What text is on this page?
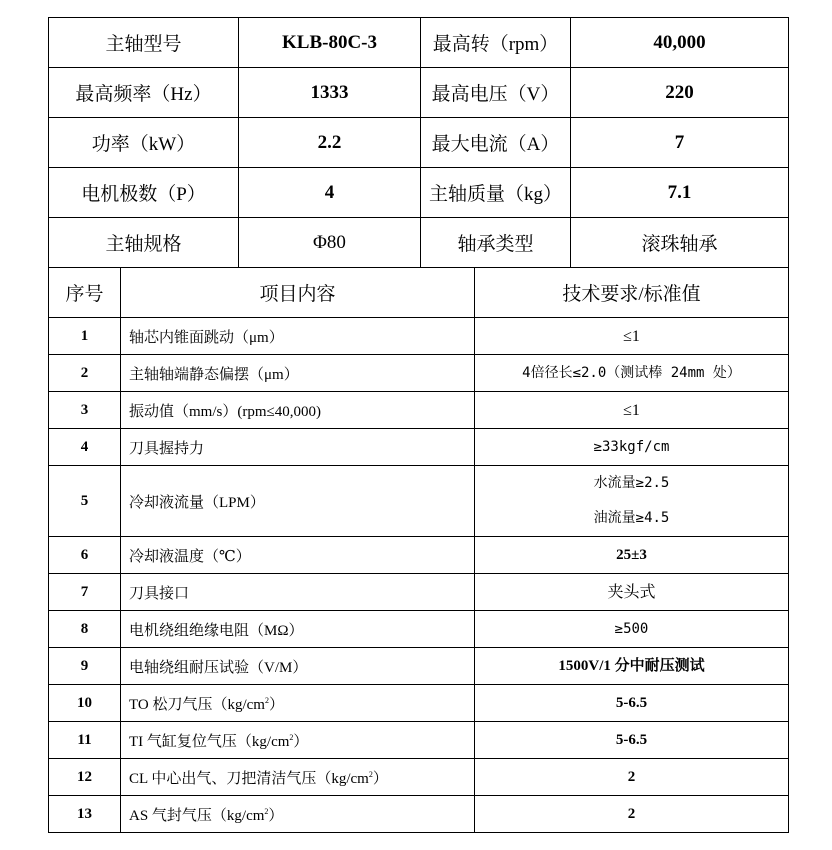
主轴型号	KLB-80C-3	最高转（rpm）	40,000
最高频率（Hz）	1333	最高电压（V）	220
功率（kW）	2.2	最大电流（A）	7
电机极数（P）	4	主轴质量（kg）	7.1
主轴规格	Φ80	轴承类型	滚珠轴承
序号	项目内容	技术要求/标准值
1	轴芯内锥面跳动（μm）	≤1

2	主轴轴端静态偏摆（μm）	4倍径长≤2.0（测试棒 24mm 处）

3	振动值（mm/s）(rpm≤40,000)	≤1

4	刀具握持力	≥33kgf/cm

5	冷却液流量（LPM）	水流量≥2.5
油流量≥4.5

6	冷却液温度（℃）	25±3

7	刀具接口	夹头式

8	电机绕组绝缘电阻（MΩ）	≥500

9	电轴绕组耐压试验（V/M）	1500V/1 分中耐压测试

10	TO 松刀气压$(kg/cm^2)$	5-6.5

11	TI 气缸复位气压$(kg/cm^2)$	5-6.5

12	CL 中心出气、刀把清洁气压$(kg/cm^2)$	2

13	AS 气封气压$(kg/cm^2)$	2
